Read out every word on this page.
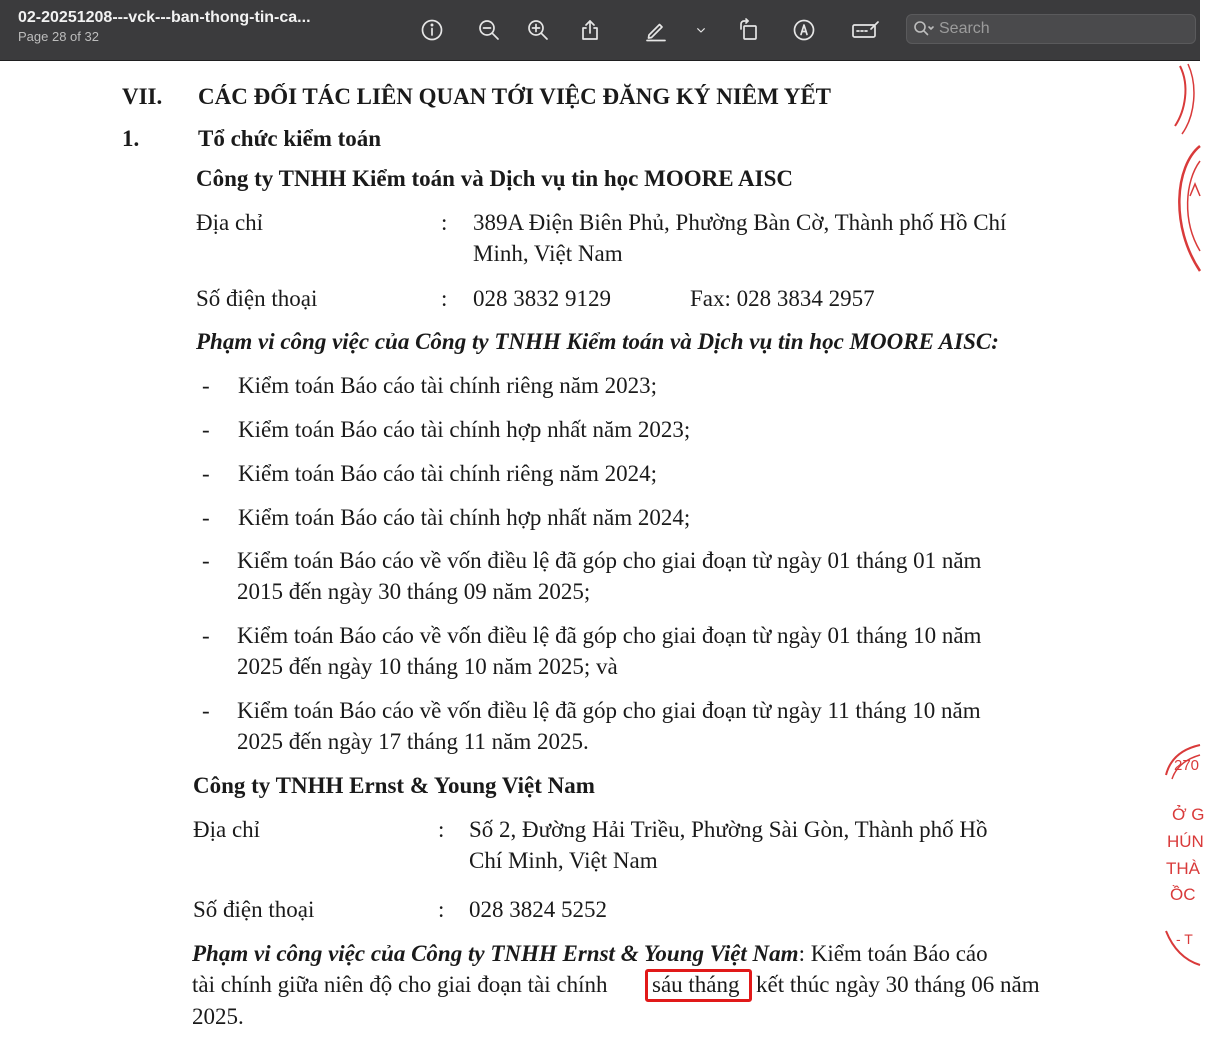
02-20251208---vck---ban-thong-tin-ca...
Page 28 of 32
Search
VII. CÁC ĐỐI TÁC LIÊN QUAN TỚI VIỆC ĐĂNG KÝ NIÊM YẾT
1.	Tổ chức kiểm toán
Công ty TNHH Kiểm toán và Dịch vụ tin học MOORE AISC
Địa chỉ	: 389A Điện Biên Phủ, Phường Bàn Cờ, Thành phố Hồ Chí
Minh, Việt Nam
Số điện thoại	: 028 3832 9129	Fax: 028 3834 2957
Phạm vi công việc của Công ty TNHH Kiểm toán và Dịch vụ tin học MOORE AISC:
- Kiểm toán Báo cáo tài chính riêng năm 2023;
- Kiểm toán Báo cáo tài chính hợp nhất năm 2023;
- Kiểm toán Báo cáo tài chính riêng năm 2024;
- Kiểm toán Báo cáo tài chính hợp nhất năm 2024;
- Kiểm toán Báo cáo về vốn điều lệ đã góp cho giai đoạn từ ngày 01 tháng 01 năm
2015 đến ngày 30 tháng 09 năm 2025;
- Kiểm toán Báo cáo về vốn điều lệ đã góp cho giai đoạn từ ngày 01 tháng 10 năm
2025 đến ngày 10 tháng 10 năm 2025; và
- Kiểm toán Báo cáo về vốn điều lệ đã góp cho giai đoạn từ ngày 11 tháng 10 năm
2025 đến ngày 17 tháng 11 năm 2025.
Công ty TNHH Ernst & Young Việt Nam
Địa chỉ	: Số 2, Đường Hải Triều, Phường Sài Gòn, Thành phố Hồ
Chí Minh, Việt Nam
Số điện thoại	: 028 3824 5252
Phạm vi công việc của Công ty TNHH Ernst & Young Việt Nam: Kiểm toán Báo cáo
tài chính giữa niên độ cho giai đoạn tài chính sáu tháng kết thúc ngày 30 tháng 06 năm
2025.
270
Ở G
HÚN
THÀ
ỒC
- T
